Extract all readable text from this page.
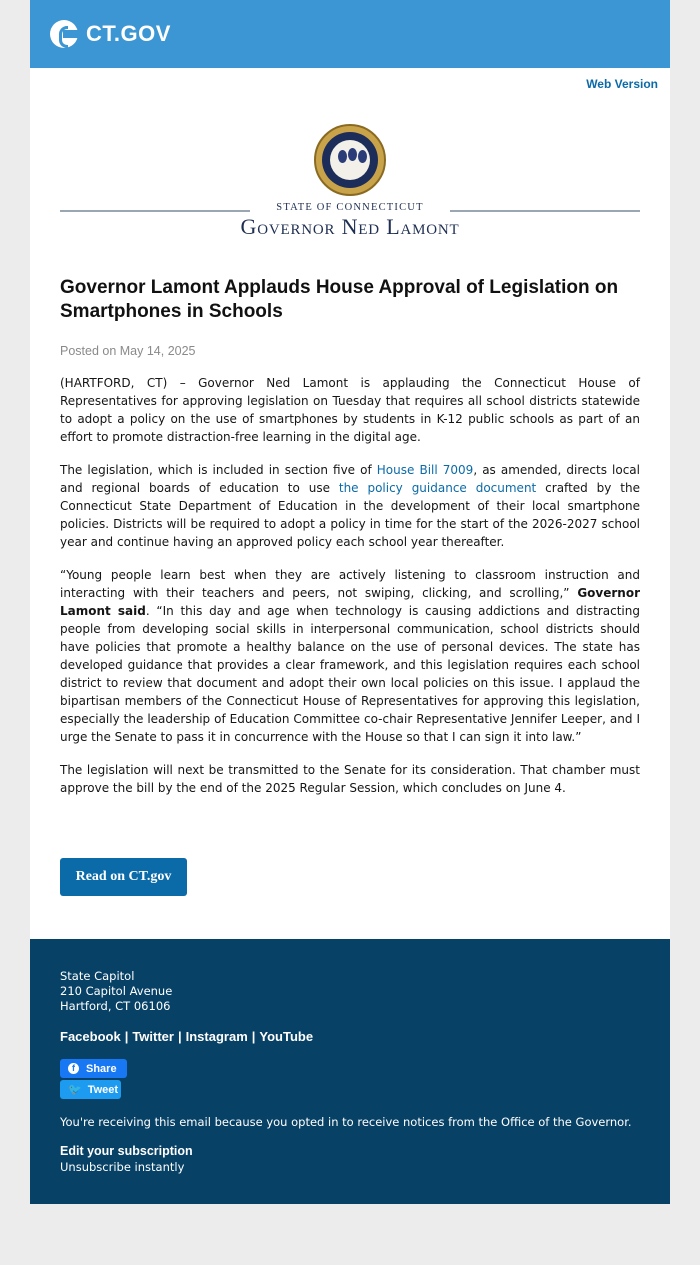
CT.GOV
Web Version
STATE OF CONNECTICUT
Governor Ned Lamont
Governor Lamont Applauds House Approval of Legislation on Smartphones in Schools
Posted on May 14, 2025

(HARTFORD, CT) – Governor Ned Lamont is applauding the Connecticut House of Representatives for approving legislation on Tuesday that requires all school districts statewide to adopt a policy on the use of smartphones by students in K-12 public schools as part of an effort to promote distraction-free learning in the digital age.

The legislation, which is included in section five of House Bill 7009, as amended, directs local and regional boards of education to use the policy guidance document crafted by the Connecticut State Department of Education in the development of their local smartphone policies. Districts will be required to adopt a policy in time for the start of the 2026-2027 school year and continue having an approved policy each school year thereafter.

“Young people learn best when they are actively listening to classroom instruction and interacting with their teachers and peers, not swiping, clicking, and scrolling,” Governor Lamont said. “In this day and age when technology is causing addictions and distracting people from developing social skills in interpersonal communication, school districts should have policies that promote a healthy balance on the use of personal devices. The state has developed guidance that provides a clear framework, and this legislation requires each school district to review that document and adopt their own local policies on this issue. I applaud the bipartisan members of the Connecticut House of Representatives for approving this legislation, especially the leadership of Education Committee co-chair Representative Jennifer Leeper, and I urge the Senate to pass it in concurrence with the House so that I can sign it into law.”

The legislation will next be transmitted to the Senate for its consideration. That chamber must approve the bill by the end of the 2025 Regular Session, which concludes on June 4.

Read on CT.gov
State Capitol
210 Capitol Avenue
Hartford, CT 06106
Facebook | Twitter | Instagram | YouTube
f	Share
🐦 Tweet
You're receiving this email because you opted in to receive notices from the Office of the Governor.
Edit your subscription
Unsubscribe instantly
